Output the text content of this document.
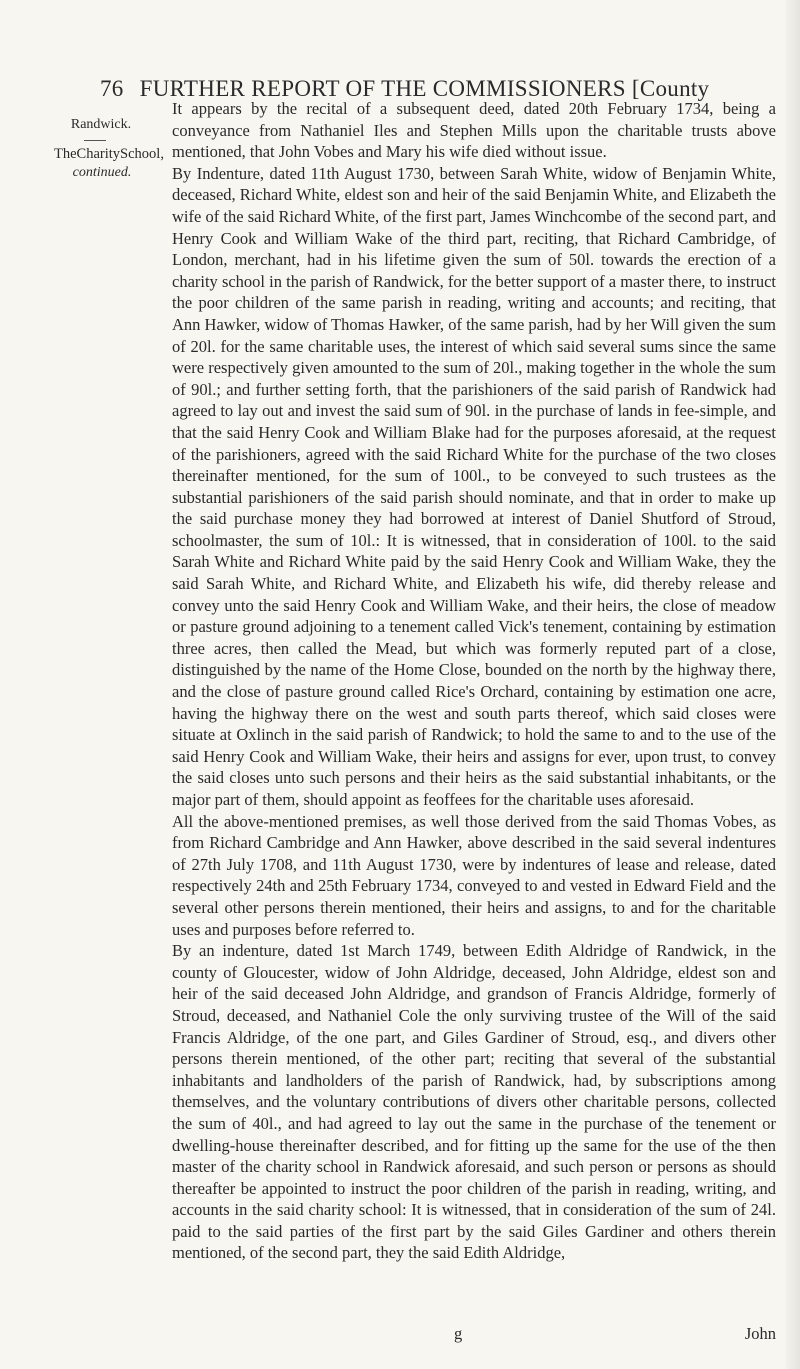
76 FURTHER REPORT OF THE COMMISSIONERS [County
Randwick.
TheCharitySchool,
continued.

It appears by the recital of a subsequent deed, dated 20th February 1734, being a conveyance from Nathaniel Iles and Stephen Mills upon the charitable trusts above mentioned, that John Vobes and Mary his wife died without issue.

By Indenture, dated 11th August 1730, between Sarah White, widow of Benjamin White, deceased, Richard White, eldest son and heir of the said Benjamin White, and Elizabeth the wife of the said Richard White, of the first part, James Winchcombe of the second part, and Henry Cook and William Wake of the third part, reciting, that Richard Cambridge, of London, merchant, had in his lifetime given the sum of 50l. towards the erection of a charity school in the parish of Randwick, for the better support of a master there, to instruct the poor children of the same parish in reading, writing and accounts; and reciting, that Ann Hawker, widow of Thomas Hawker, of the same parish, had by her Will given the sum of 20l. for the same charitable uses, the interest of which said several sums since the same were respectively given amounted to the sum of 20l., making together in the whole the sum of 90l.; and further setting forth, that the parishioners of the said parish of Randwick had agreed to lay out and invest the said sum of 90l. in the purchase of lands in fee-simple, and that the said Henry Cook and William Blake had for the purposes aforesaid, at the request of the parishioners, agreed with the said Richard White for the purchase of the two closes thereinafter mentioned, for the sum of 100l., to be conveyed to such trustees as the substantial parishioners of the said parish should nominate, and that in order to make up the said purchase money they had borrowed at interest of Daniel Shutford of Stroud, schoolmaster, the sum of 10l.: It is witnessed, that in consideration of 100l. to the said Sarah White and Richard White paid by the said Henry Cook and William Wake, they the said Sarah White, and Richard White, and Elizabeth his wife, did thereby release and convey unto the said Henry Cook and William Wake, and their heirs, the close of meadow or pasture ground adjoining to a tenement called Vick's tenement, containing by estimation three acres, then called the Mead, but which was formerly reputed part of a close, distinguished by the name of the Home Close, bounded on the north by the highway there, and the close of pasture ground called Rice's Orchard, containing by estimation one acre, having the highway there on the west and south parts thereof, which said closes were situate at Oxlinch in the said parish of Randwick; to hold the same to and to the use of the said Henry Cook and William Wake, their heirs and assigns for ever, upon trust, to convey the said closes unto such persons and their heirs as the said substantial inhabitants, or the major part of them, should appoint as feoffees for the charitable uses aforesaid.

All the above-mentioned premises, as well those derived from the said Thomas Vobes, as from Richard Cambridge and Ann Hawker, above described in the said several indentures of 27th July 1708, and 11th August 1730, were by indentures of lease and release, dated respectively 24th and 25th February 1734, conveyed to and vested in Edward Field and the several other persons therein mentioned, their heirs and assigns, to and for the charitable uses and purposes before referred to.

By an indenture, dated 1st March 1749, between Edith Aldridge of Randwick, in the county of Gloucester, widow of John Aldridge, deceased, John Aldridge, eldest son and heir of the said deceased John Aldridge, and grandson of Francis Aldridge, formerly of Stroud, deceased, and Nathaniel Cole the only surviving trustee of the Will of the said Francis Aldridge, of the one part, and Giles Gardiner of Stroud, esq., and divers other persons therein mentioned, of the other part; reciting that several of the substantial inhabitants and landholders of the parish of Randwick, had, by subscriptions among themselves, and the voluntary contributions of divers other charitable persons, collected the sum of 40l., and had agreed to lay out the same in the purchase of the tenement or dwelling-house thereinafter described, and for fitting up the same for the use of the then master of the charity school in Randwick aforesaid, and such person or persons as should thereafter be appointed to instruct the poor children of the parish in reading, writing, and accounts in the said charity school: It is witnessed, that in consideration of the sum of 24l. paid to the said parties of the first part by the said Giles Gardiner and others therein mentioned, of the second part, they the said Edith Aldridge,

g	John
